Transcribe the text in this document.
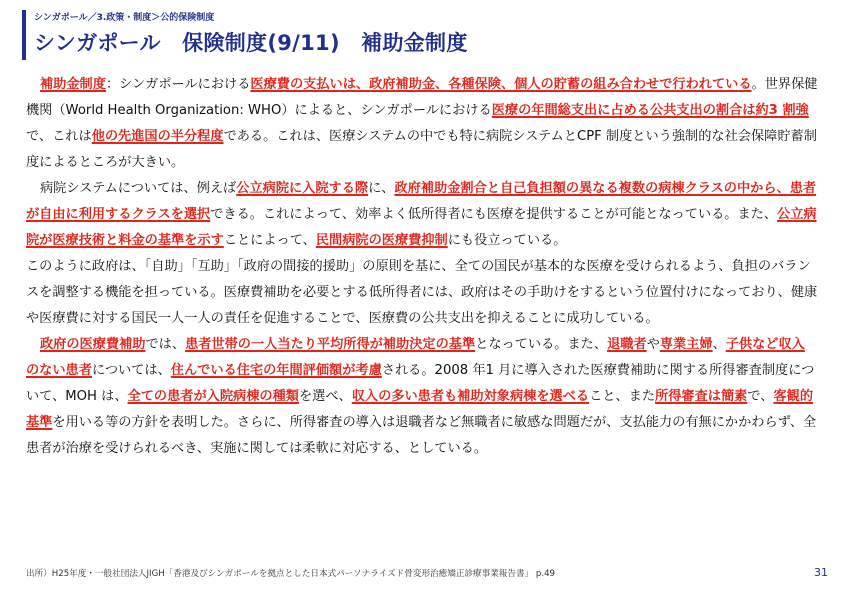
シンガポール／3.政策・制度＞公的保険制度
シンガポール　保険制度(9/11)　補助金制度

補助金制度：シンガポールにおける医療費の支払いは、政府補助金、各種保険、個人の貯蓄の組み合わせで行われている。世界保健機関（World Health Organization: WHO）によると、シンガポールにおける医療の年間総支出に占める公共支出の割合は約3 割強で、これは他の先進国の半分程度である。これは、医療システムの中でも特に病院システムとCPF 制度という強制的な社会保障貯蓄制度によるところが大きい。

病院システムについては、例えば公立病院に入院する際に、政府補助金割合と自己負担額の異なる複数の病棟クラスの中から、患者が自由に利用するクラスを選択できる。これによって、効率よく低所得者にも医療を提供することが可能となっている。また、公立病院が医療技術と料金の基準を示すことによって、民間病院の医療費抑制にも役立っている。

このように政府は、「自助」「互助」「政府の間接的援助」の原則を基に、全ての国民が基本的な医療を受けられるよう、負担のバランスを調整する機能を担っている。医療費補助を必要とする低所得者には、政府はその手助けをするという位置付けになっており、健康や医療費に対する国民一人一人の責任を促進することで、医療費の公共支出を抑えることに成功している。

政府の医療費補助では、患者世帯の一人当たり平均所得が補助決定の基準となっている。また、退職者や専業主婦、子供など収入のない患者については、住んでいる住宅の年間評価額が考慮される。2008 年1 月に導入された医療費補助に関する所得審査制度について、MOH は、全ての患者が入院病棟の種類を選べ、収入の多い患者も補助対象病棟を選べること、また所得審査は簡素で、客観的基準を用いる等の方針を表明した。さらに、所得審査の導入は退職者など無職者に敏感な問題だが、支払能力の有無にかかわらず、全患者が治療を受けられるべき、実施に関しては柔軟に対応する、としている。

出所）H25年度・一般社団法人JIGH「香港及びシンガポールを拠点とした日本式パーソナライズド骨変形治癒矯正診療事業報告書」 p.49	31
